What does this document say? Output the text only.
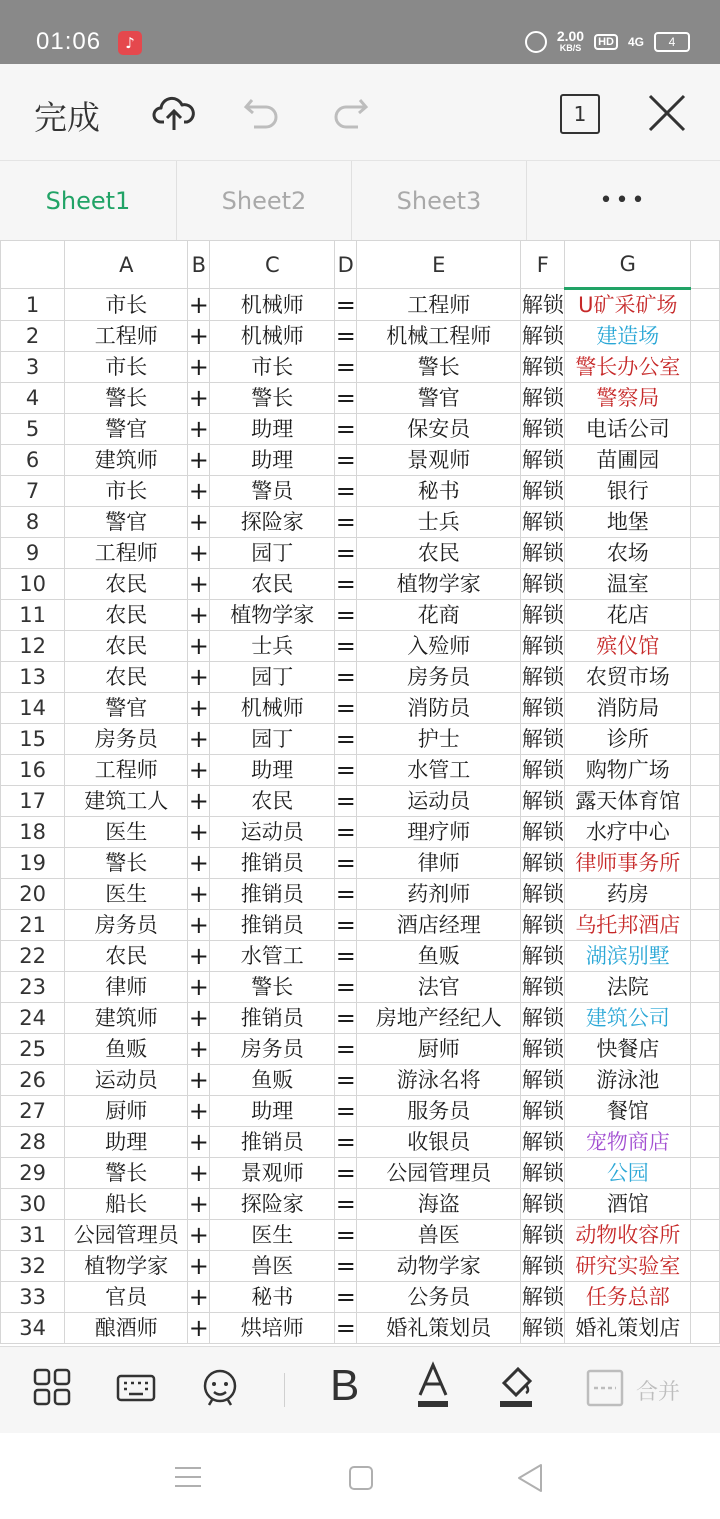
01:06	♪	2.00
KB/S	HD	4G	4
完成	1
Sheet1	Sheet2	Sheet3	•••
	A	B	C	D	E	F	G	
1	市长	+	机械师	=	工程师	解锁	U矿采矿场	
2	工程师	+	机械师	=	机械工程师	解锁	建造场	
3	市长	+	市长	=	警长	解锁	警长办公室	
4	警长	+	警长	=	警官	解锁	警察局	
5	警官	+	助理	=	保安员	解锁	电话公司	
6	建筑师	+	助理	=	景观师	解锁	苗圃园	
7	市长	+	警员	=	秘书	解锁	银行	
8	警官	+	探险家	=	士兵	解锁	地堡	
9	工程师	+	园丁	=	农民	解锁	农场	
10	农民	+	农民	=	植物学家	解锁	温室	
11	农民	+	植物学家	=	花商	解锁	花店	
12	农民	+	士兵	=	入殓师	解锁	殡仪馆	
13	农民	+	园丁	=	房务员	解锁	农贸市场	
14	警官	+	机械师	=	消防员	解锁	消防局	
15	房务员	+	园丁	=	护士	解锁	诊所	
16	工程师	+	助理	=	水管工	解锁	购物广场	
17	建筑工人	+	农民	=	运动员	解锁	露天体育馆	
18	医生	+	运动员	=	理疗师	解锁	水疗中心	
19	警长	+	推销员	=	律师	解锁	律师事务所	
20	医生	+	推销员	=	药剂师	解锁	药房	
21	房务员	+	推销员	=	酒店经理	解锁	乌托邦酒店	
22	农民	+	水管工	=	鱼贩	解锁	湖滨别墅	
23	律师	+	警长	=	法官	解锁	法院	
24	建筑师	+	推销员	=	房地产经纪人	解锁	建筑公司	
25	鱼贩	+	房务员	=	厨师	解锁	快餐店	
26	运动员	+	鱼贩	=	游泳名将	解锁	游泳池	
27	厨师	+	助理	=	服务员	解锁	餐馆	
28	助理	+	推销员	=	收银员	解锁	宠物商店	
29	警长	+	景观师	=	公园管理员	解锁	公园	
30	船长	+	探险家	=	海盗	解锁	酒馆	
31	公园管理员	+	医生	=	兽医	解锁	动物收容所	
32	植物学家	+	兽医	=	动物学家	解锁	研究实验室	
33	官员	+	秘书	=	公务员	解锁	任务总部	
34	酿酒师	+	烘培师	=	婚礼策划员	解锁	婚礼策划店	
B	合并
